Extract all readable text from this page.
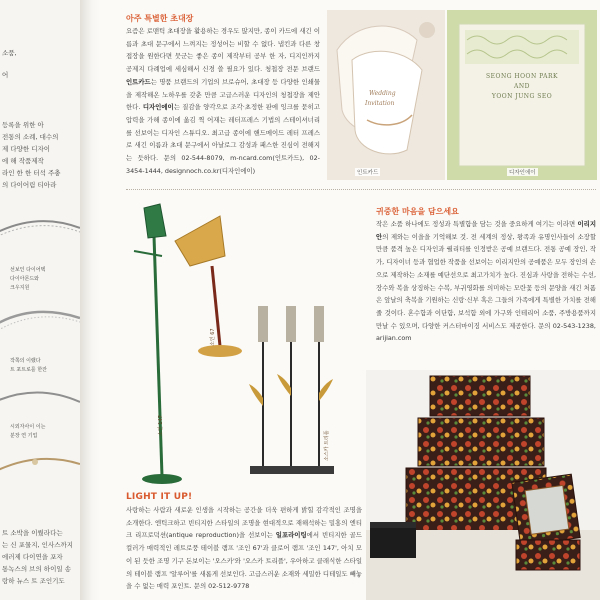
소품,
어
등록을 위한 아
전통의 소례, 대수의
제 다양한 디자이
에 해 작품제작
라인 한 한 터석 주충
의 다이어림 티아라
선보인 다이어텍
다이아몬드와
크우지원
작쪽의 이랬다
트 포트로를 한잔
시외자사이 이는
분장 연 기업
트 소박을 이뤘라다는
는 신 포물지, 인사스까지
에러제 다이연을 포자
통녹스의 브의 하이일 송
랑하 뉴스 트 조인기도
아주 특별한 초대장
요즘은 로맨틱 초대장을 활용하는 경우도 많지만, 종이 카드에 새긴 이름과 초대 문구에서 느껴지는 정성어는 비할 수 없다. 냅킨과 다른 창접장을 원한다면 뭇군는 좋은 종이 제작부터 공부 한 자, 디지인까지 공제지 다례업에 세심해서 신경 쓸 필요가 있다. 청첩장 전문 브랜드 인트카드는 명품 브랜드의 기업의 브로슈어, 초대장 등 다양한 인쇄물을 제작해온 노하우를 갖춘 만큼 고급스러운 디자인의 청첩장을 제안한다. 디자인에이는 질감을 양각으로 조각·초정한 판에 잉크를 묻히고 압력을 가해 종이에 옮김 찍 어재는 레터프레스 기법의 스테이셔너리를 선보이는 디자인 스튜디오. 최고급 종이에 핸드메이드 레터 프레스로 새긴 이름과 초대 문구에서 아날로그 감성과 패스한 진심이 전해지는 듯하다. 문의 02-544-8079, m-ncard.com(인트카드), 02-3454-1444, designnoch.co.kr(디자인에이)
Wedding
Invitation
인트카드
SEONG HOON PARK
AND
YOON JUNG SEO
디자인에이
소인 147
소인 67
소스카 트리플
LIGHT IT UP!
사랑하는 사람과 새로운 인생을 시작하는 공간을 더욱 편하게 밝힐 감각적인 조명을 소개한다. 엔틱크하고 빈티지한 스타일의 조명을 현대적으로 재해석하는 밀홍의 엔티크 리프로덕션(antique reproduction)을 선보이는 일포라이팅에서 빈티지한 골드 컬러가 매력적인 레트로풍 테이블 램프 '조인 67'과 클로어 램프 '조인 147', 아치 모이 된 듯한 조명 기구 돈보이는 '오스카'와 '오스카 트리플', 우아하고 클래식한 스타일의 테이블 램프 '알루어'를 새롭게 선보인다. 고급스러운 소재와 세밀한 디테일도 빼놓을 수 없는 매력 포인트. 문의 02-512-9778
귀중한 마음을 담으세요
작은 소품 하나에도 정성과 특별함을 담는 것을 중요하게 여기는 이라면 이리지안의 제와는 이을을 기억해보 것. 전 세계의 정상, 왕족과 유명인사들이 소장할 만큼 품격 높은 디자인과 퀄리티를 인정받은 공예 브랜드다. 전통 공예 장인, 작가, 디자이너 등과 협업한 작품을 선보이는 이리지안의 공예품은 모두 장인의 손으로 제작하는 소재를 예단선으로 최고가치가 높다. 진심과 사랑을 전하는 수선, 장수와 복을 상징하는 수복, 부귀영화를 의미하는 모란꽃 등의 문양을 새긴 처폼은 앞날의 축복을 기원하는 신랑·신부 혹은 그들의 가족에게 특별한 가치를 전해줄 것이다. 혼수함과 이단함, 보석함 외에 가구와 인테리어 소품, 주방용품까지 만날 수 있으며, 다양한 커스터마이징 서비스도 제공한다. 문의 02-543-1238, arijian.com
